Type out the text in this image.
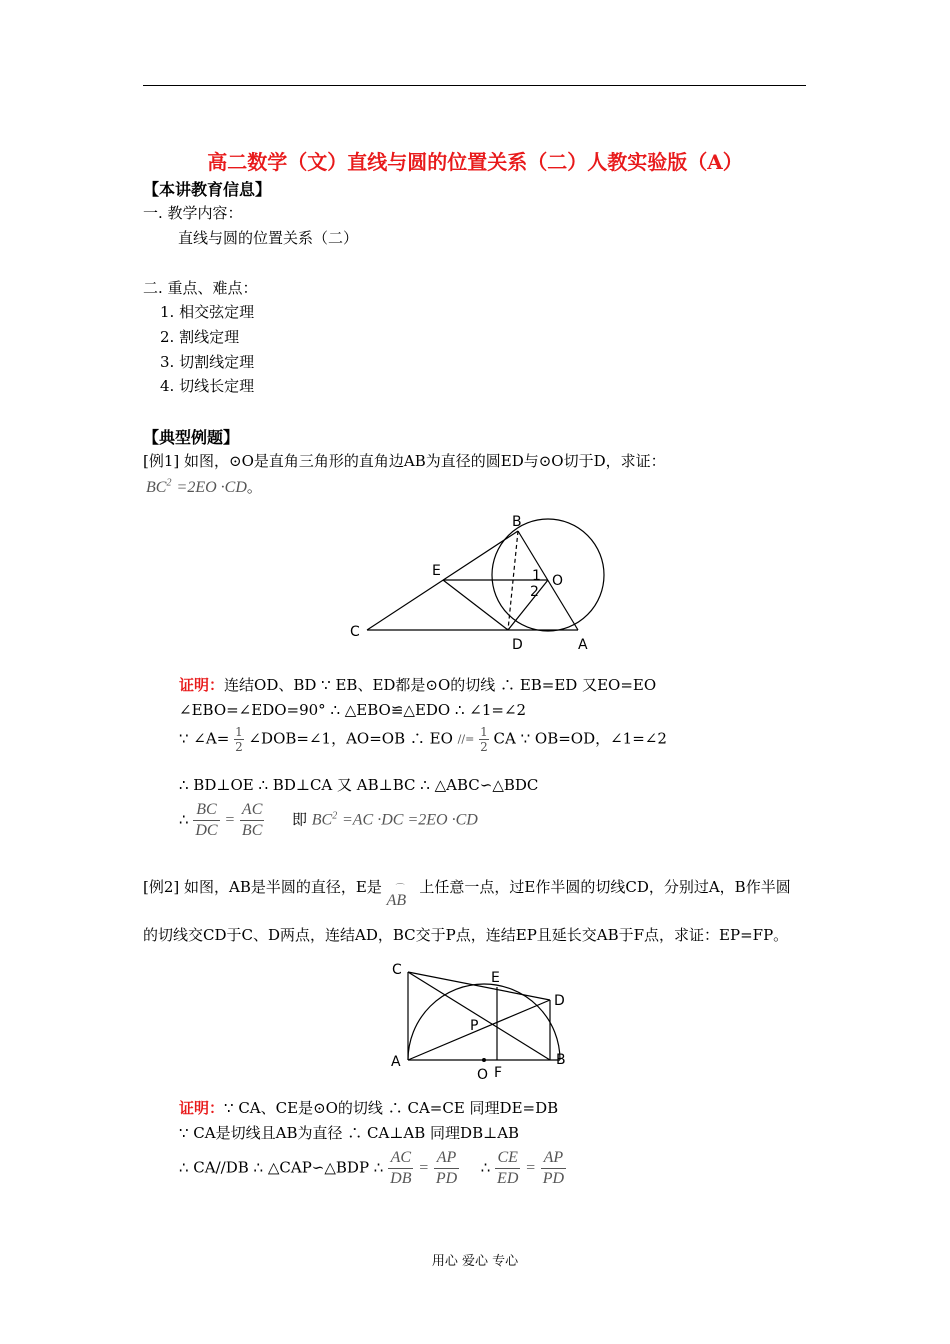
高二数学（文）直线与圆的位置关系（二）人教实验版（A）
【本讲教育信息】
一. 教学内容：
直线与圆的位置关系（二）
二. 重点、难点：
1. 相交弦定理
2. 割线定理
3. 切割线定理
4. 切线长定理
【典型例题】
[例1] 如图，⊙O是直角三角形的直角边AB为直径的圆ED与⊙O切于D，求证：
$BC^2 =2EO \cdot CD$。
B
E
O
1
2
C
D	A
证明：连结OD、BD ∵ EB、ED都是⊙O的切线 ∴ EB=ED 又EO=EO
∠EBO=∠EDO=90° ∴ △EBO≌△EDO ∴ ∠1=∠2
∵ ∠A= $\frac{1}{2}$ ∠DOB=∠1，AO=OB ∴ EO //= $\frac{1}{2}$ CA ∵ OB=OD，∠1=∠2
∴ BD⊥OE ∴ BD⊥CA 又 AB⊥BC ∴ △ABC∽△BDC
∴ $\frac{BC}{DC} = \frac{AC}{BC}$ 即 $BC^2 =AC \cdot DC =2EO \cdot CD$
[例2] 如图，AB是半圆的直径，E是 ⌒
AB
上任意一点，过E作半圆的切线CD，分别过A，B作半圆
的切线交CD于C、D两点，连结AD，BC交于P点，连结EP且延长交AB于F点，求证：EP=FP。
C	E
D
P
A	B
O F
证明：∵ CA、CE是⊙O的切线 ∴ CA=CE 同理DE=DB
∵ CA是切线且AB为直径 ∴ CA⊥AB 同理DB⊥AB
∴ CA//DB ∴ △CAP∽△BDP ∴ $\frac{AC}{DB} = \frac{AP}{PD}$ ∴ $\frac{CE}{ED} = \frac{AP}{PD}$
用心 爱心 专心
